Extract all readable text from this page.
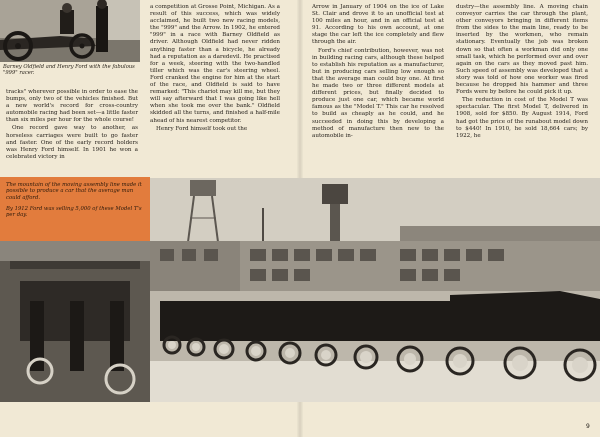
Barney Oldfield and Henry Ford with the fabulous "999" racer.

tracks" wherever possible in order to ease the bumps, only two of the vehicles finished. But a new world's record for cross-country automobile racing had been set—a little faster than six miles per hour for the whole course!

One record gave way to another, as horseless carriages were built to go faster and faster. One of the early record holders was Henry Ford himself. In 1901 he won a celebrated victory in

a competition at Grosse Point, Michigan. As a result of this success, which was widely acclaimed, he built two new racing models, the "999" and the Arrow. In 1902, he entered "999" in a race with Barney Oldfield as driver. Although Oldfield had never ridden anything faster than a bicycle, he already had a reputation as a daredevil. He practised for a week, steering with the two-handled tiller which was the car's steering wheel. Ford cranked the engine for him at the start of the race, and Oldfield is said to have remarked: "This chariot may kill me, but they will say afterward that I was going like hell when she took me over the bank." Oldfield skidded all the turns, and finished a half-mile ahead of his nearest competitor.

Henry Ford himself took out the

Arrow in January of 1904 on the ice of Lake St. Clair and drove it to an unofficial test at 100 miles an hour, and in an official test at 91. According to his own account, at one stage the car left the ice completely and flew through the air.

Ford's chief contribution, however, was not in building racing cars, although these helped to establish his reputation as a manufacturer, but in producing cars selling low enough so that the average man could buy one. At first he made two or three different models at different prices, but finally decided to produce just one car, which became world famous as the "Model T." This car he resolved to build as cheaply as he could, and he succeeded in doing this by developing a method of manufacture then new to the automobile in-

dustry—the assembly line. A moving chain conveyor carries the car through the plant, other conveyors bringing in different items from the sides to the main line, ready to be inserted by the workmen, who remain stationary. Eventually the job was broken down so that often a workman did only one small task, which he performed over and over again on the cars as they moved past him. Such speed of assembly was developed that a story was told of how one worker was fired because he dropped his hammer and three Fords were by before he could pick it up.

The reduction in cost of the Model T was spectacular. The first Model T, delivered in 1908, sold for $850. By August 1914, Ford had got the price of the runabout model down to $440! In 1910, he sold 18,664 cars; by 1922, he

The mountain of the moving assembly line made it possible to produce a car that the average man could afford.

By 1912 Ford was selling 5,000 of these Model T's per day.

9
